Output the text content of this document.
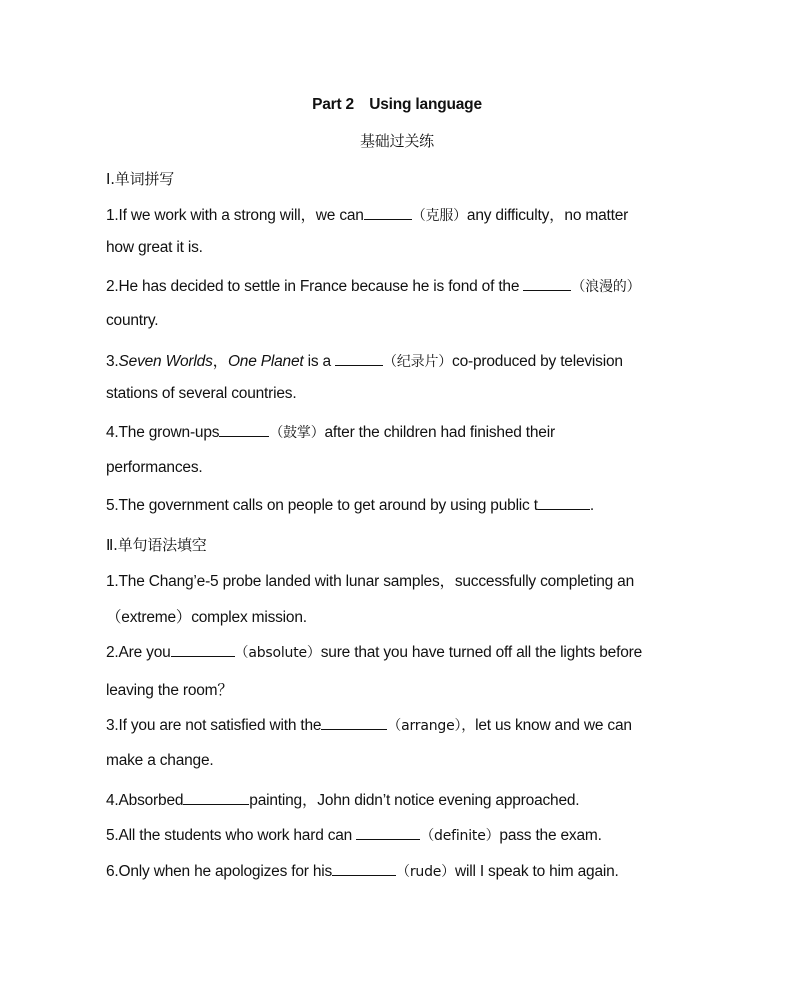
Part 2　Using language
基础过关练
Ⅰ.单词拼写
1.If we work with a strong will，we can	（克服）any difficulty，no matter
how great it is.
2.He has decided to settle in France because he is fond of the	（浪漫的）
country.
3.Seven Worlds，One Planet is a	（纪录片）co-produced by television
stations of several countries.
4.The grown-ups	（鼓掌）after the children had finished their
performances.
5.The government calls on people to get around by using public t	.
Ⅱ.单句语法填空
1.The Chang’e-5 probe landed with lunar samples，successfully completing an
（extreme）complex mission.
2.Are you	（absolute）sure that you have turned off all the lights before
leaving the room？
3.If you are not satisfied with the	（arrange），let us know and we can
make a change.
4.Absorbed	painting，John didn’t notice evening approached.
5.All the students who work hard can	（definite）pass the exam.
6.Only when he apologizes for his	（rude）will I speak to him again.
